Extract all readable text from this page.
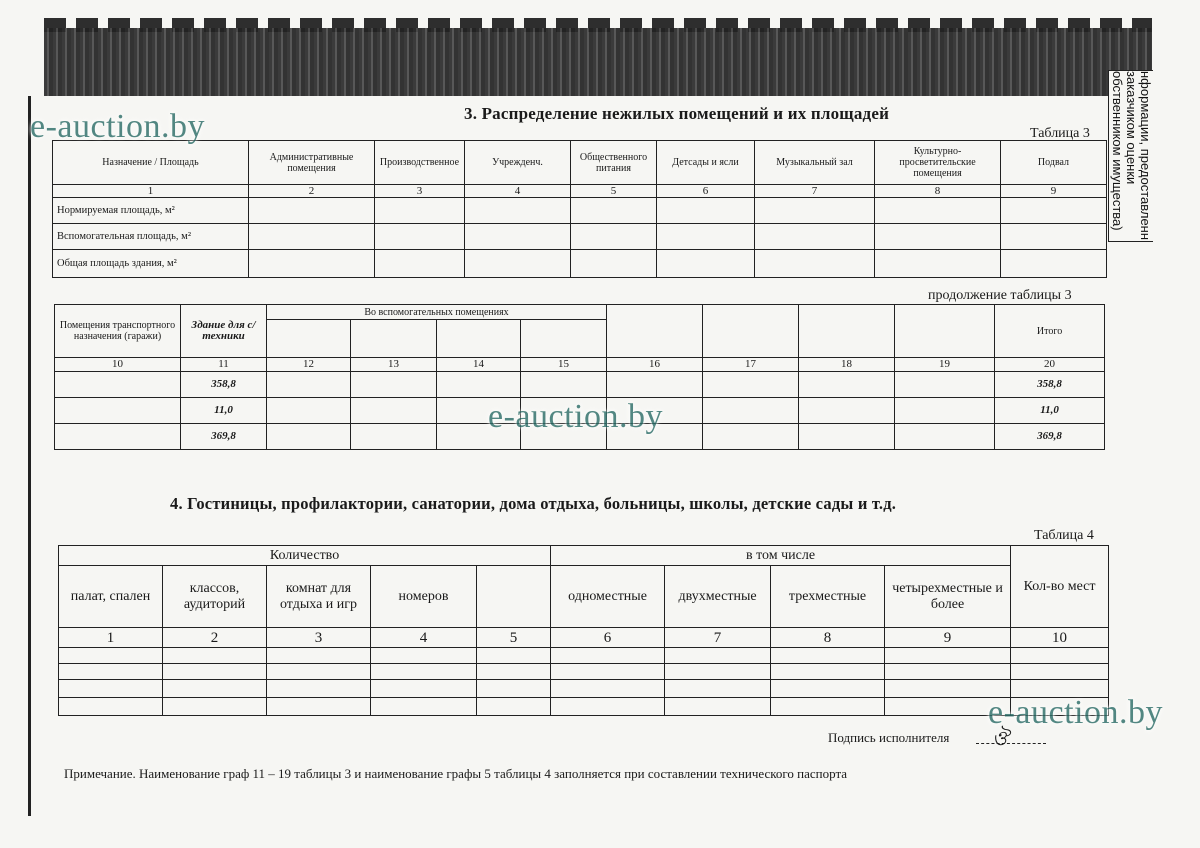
нформации, предоставленн
заказчиком оценки
обственником имущества)
3. Распределение нежилых помещений и их площадей
Таблица 3
Назначение / Площадь	Административные помещения	Производственное	Учрежденч.	Общественного питания	Детсады и ясли	Музыкальный зал	Культурно-просветительские помещения	Подвал
1	2	3	4	5	6	7	8	9
Нормируемая площадь, м²								
Вспомогательная площадь, м²								
Общая площадь здания, м²								
продолжение таблицы 3
Помещения транспортного назначения (гаражи)	Здание для с/техники	Во вспомогательных помещениях								Итого

10	11	12	13	14	15	16	17	18	19	20
	358,8									358,8
	11,0									11,0
	369,8									369,8
4. Гостиницы, профилактории, санатории, дома отдыха, больницы, школы, детские сады и т.д.
Таблица 4
Количество					в том числе				Кол-во мест
палат, спален	классов, аудиторий	комнат для отдыха и игр	номеров		одноместные	двухместные	трехместные	четырехместные и более	
1	2	3	4	5	6	7	8	9	10

Подпись исполнителя ঔ
Примечание. Наименование граф 11 – 19 таблицы 3 и наименование графы 5 таблицы 4 заполняется при составлении технического паспорта
e-auction.by
e-auction.by
e-auction.by
